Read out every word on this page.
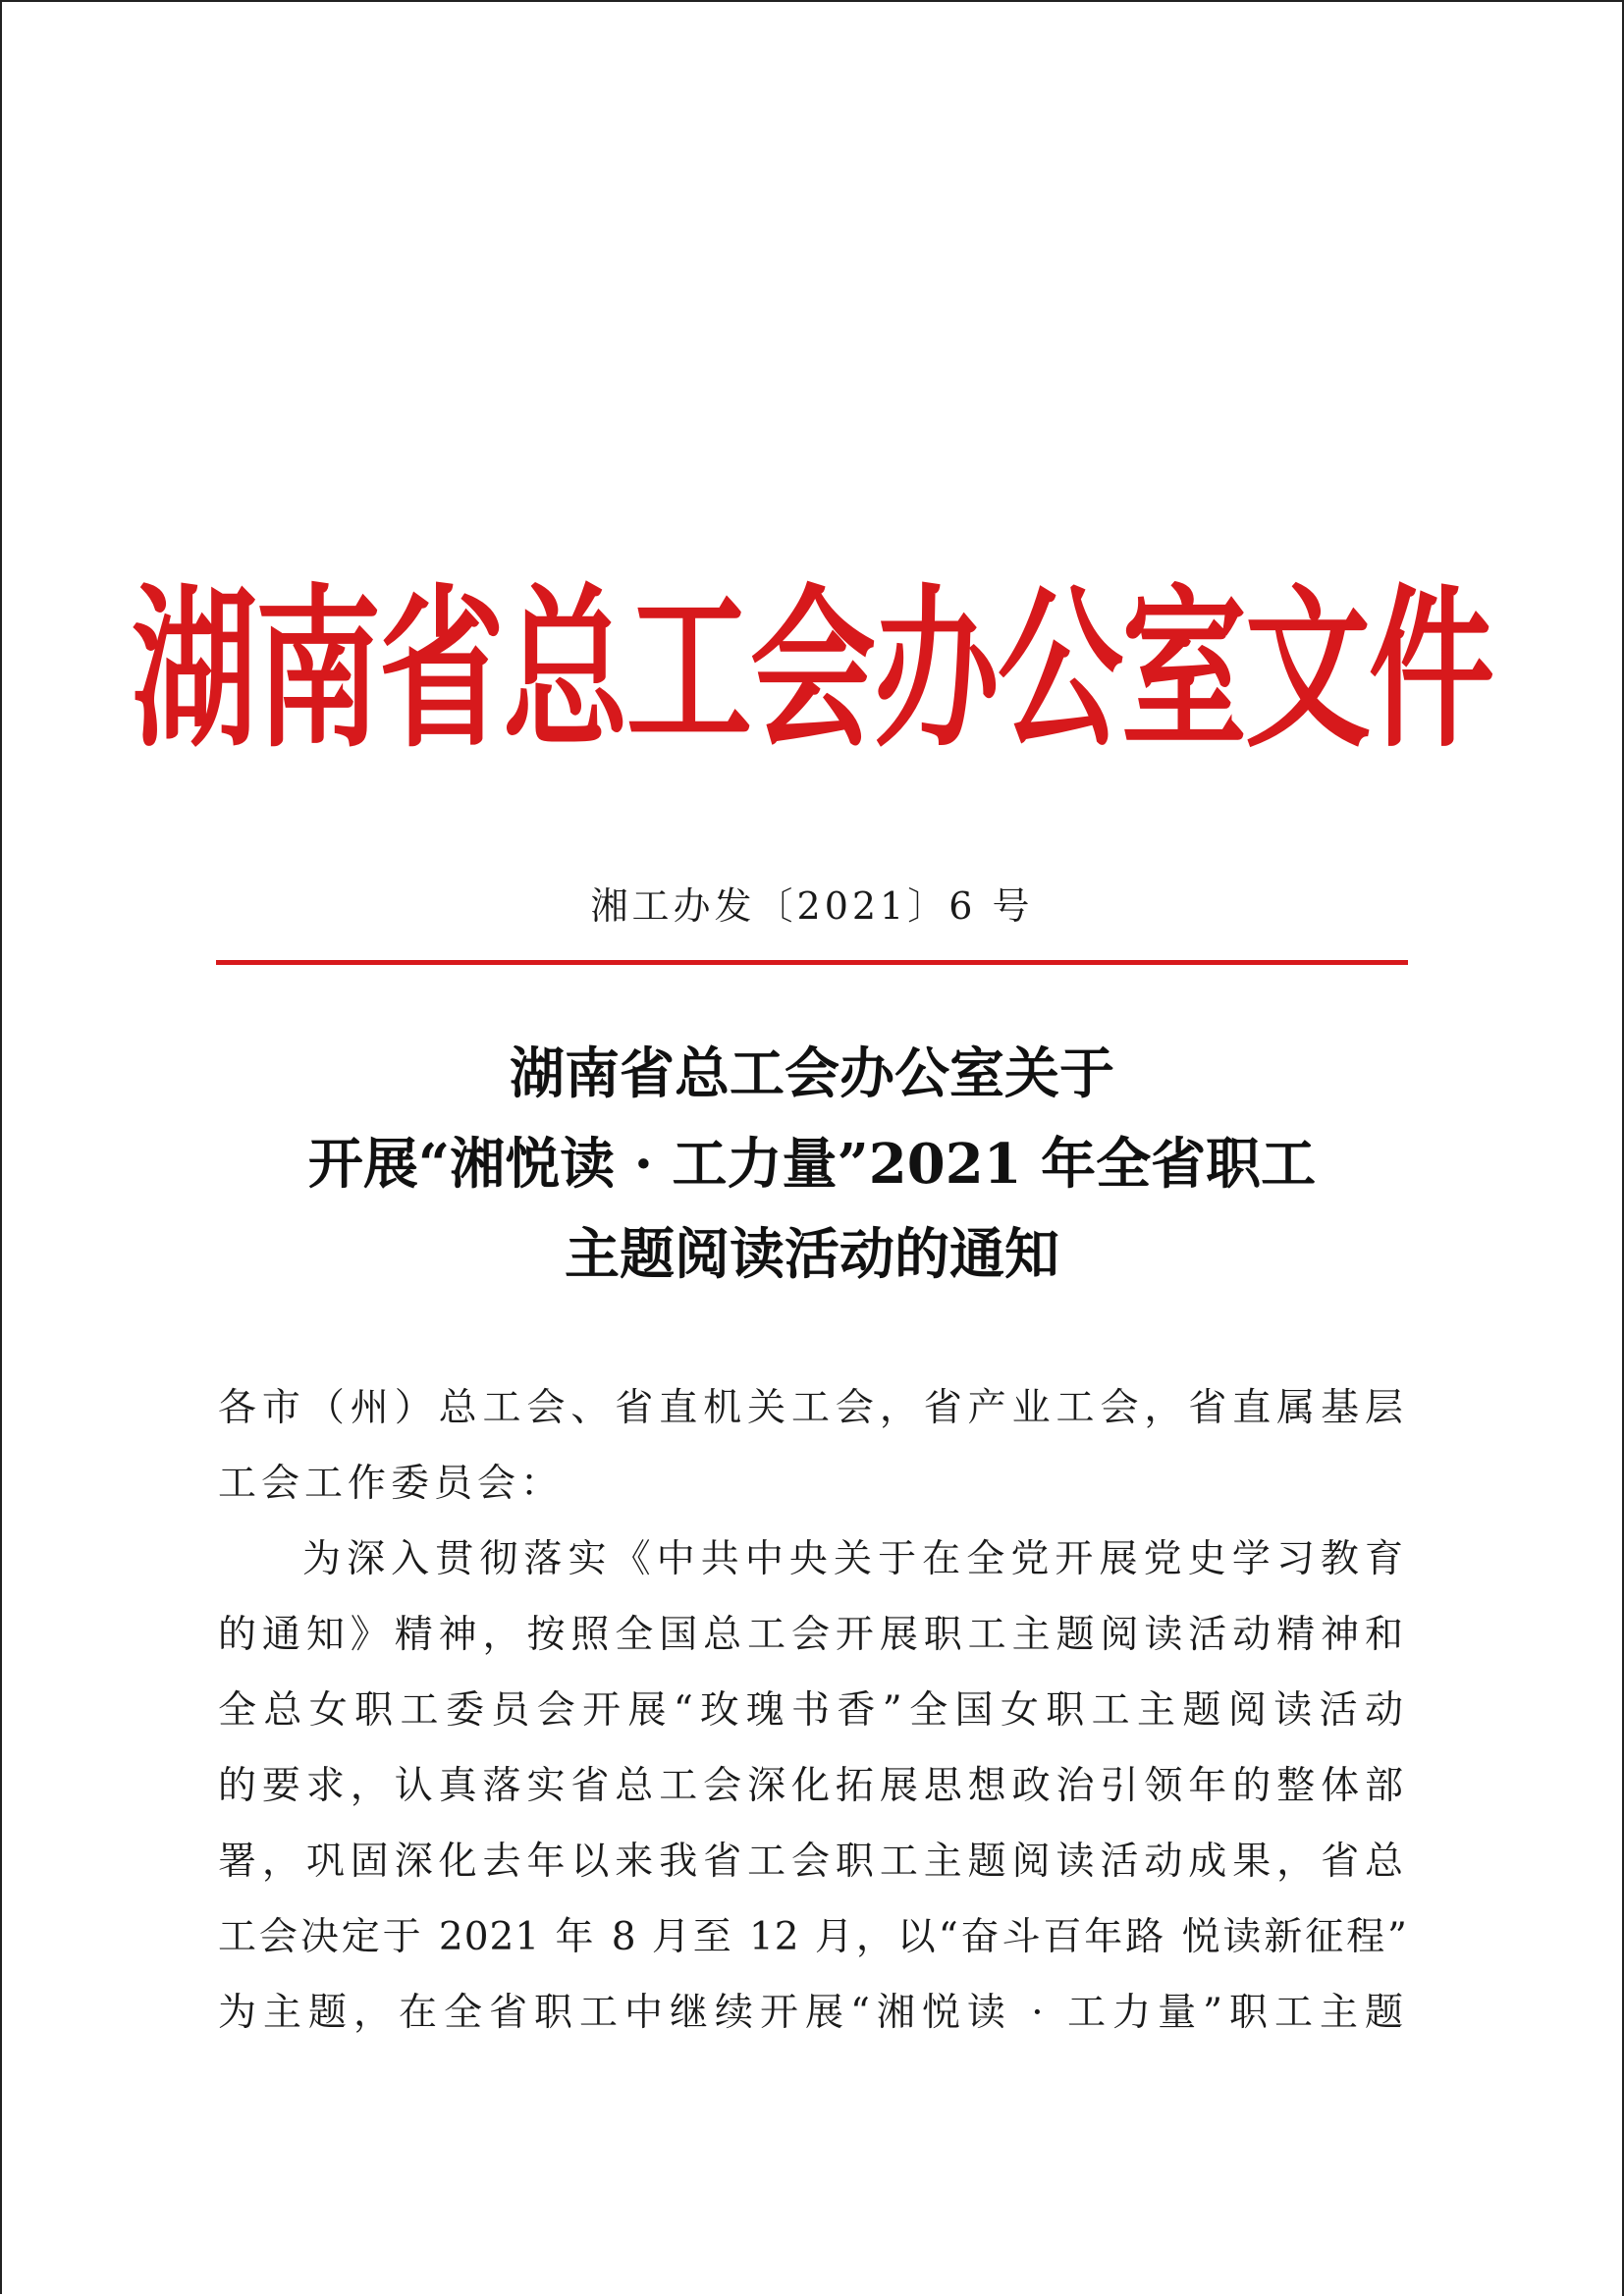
湖南省总工会办公室文件
湘工办发〔2021〕6 号
湖南省总工会办公室关于
开展“湘悦读 · 工力量”2021 年全省职工
主题阅读活动的通知
各市（州）总工会、省直机关工会，省产业工会，省直属基层
工会工作委员会：
为深入贯彻落实《中共中央关于在全党开展党史学习教育
的通知》精神，按照全国总工会开展职工主题阅读活动精神和
全总女职工委员会开展“玫瑰书香”全国女职工主题阅读活动
的要求，认真落实省总工会深化拓展思想政治引领年的整体部
署，巩固深化去年以来我省工会职工主题阅读活动成果，省总
工会决定于 2021 年 8 月至 12 月，以“奋斗百年路 悦读新征程”
为主题，在全省职工中继续开展“湘悦读 · 工力量”职工主题
